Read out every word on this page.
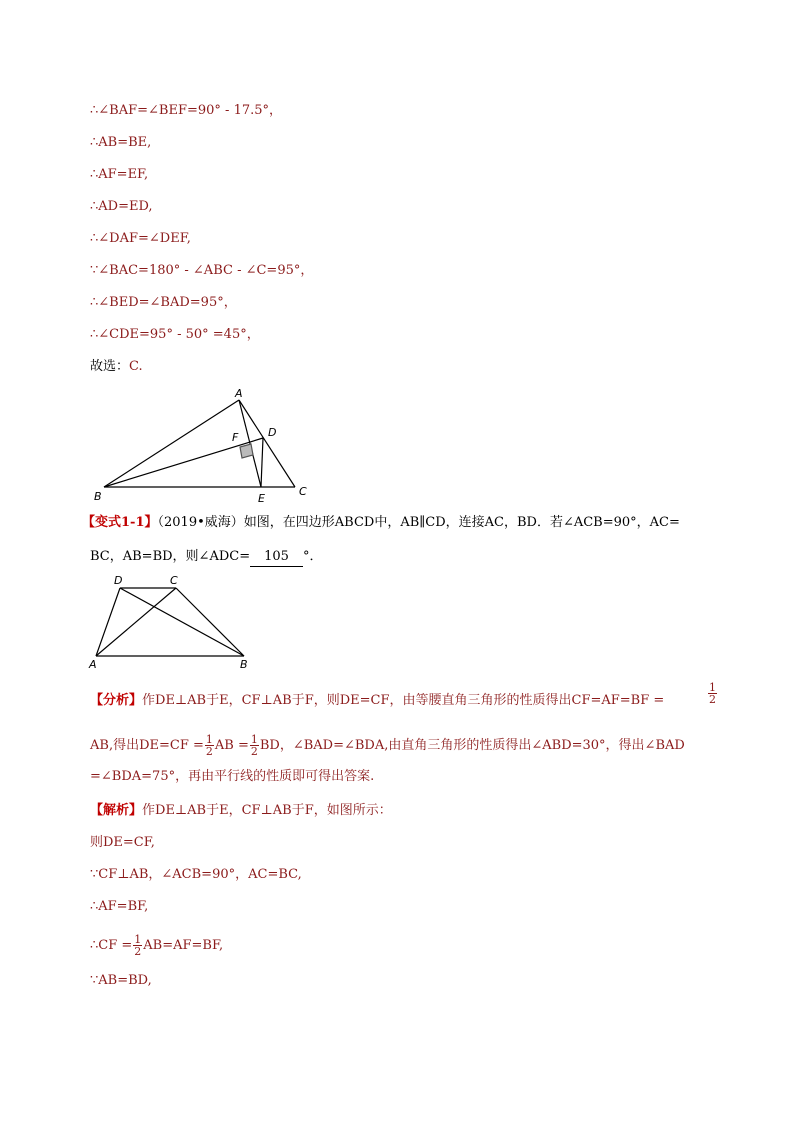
∴∠BAF=∠BEF=90° - 17.5°，
∴AB=BE,
∴AF=EF,
∴AD=ED,
∴∠DAF=∠DEF,
∵∠BAC=180° - ∠ABC - ∠C=95°，
∴∠BED=∠BAD=95°，
∴∠CDE=95° - 50° =45°，
故选：C.
A
B	C
D
E
F
【变式1-1】（2019•威海）如图，在四边形ABCD中，AB∥CD，连接AC，BD．若∠ACB=90°，AC=
BC，AB=BD，则∠ADC= 105 °．
D	C
A	B
【分析】作DE⊥AB于E，CF⊥AB于F，则DE=CF，由等腰直角三角形的性质得出CF=AF=BF =	$\frac{1}{2}$
AB,得出$DE=CF = \frac{1}{2}$ AB = $\frac{1}{2}$ BD，∠BAD=∠BDA,由直角三角形的性质得出∠ABD=30°，得出∠BAD
=∠BDA=75°，再由平行线的性质即可得出答案.
【解析】作DE⊥AB于E，CF⊥AB于F，如图所示：
则DE=CF,
∵CF⊥AB，∠ACB=90°，AC=BC,
∴AF=BF,
∴CF = $\frac{1}{2} AB=AF=BF$,
∵AB=BD,
